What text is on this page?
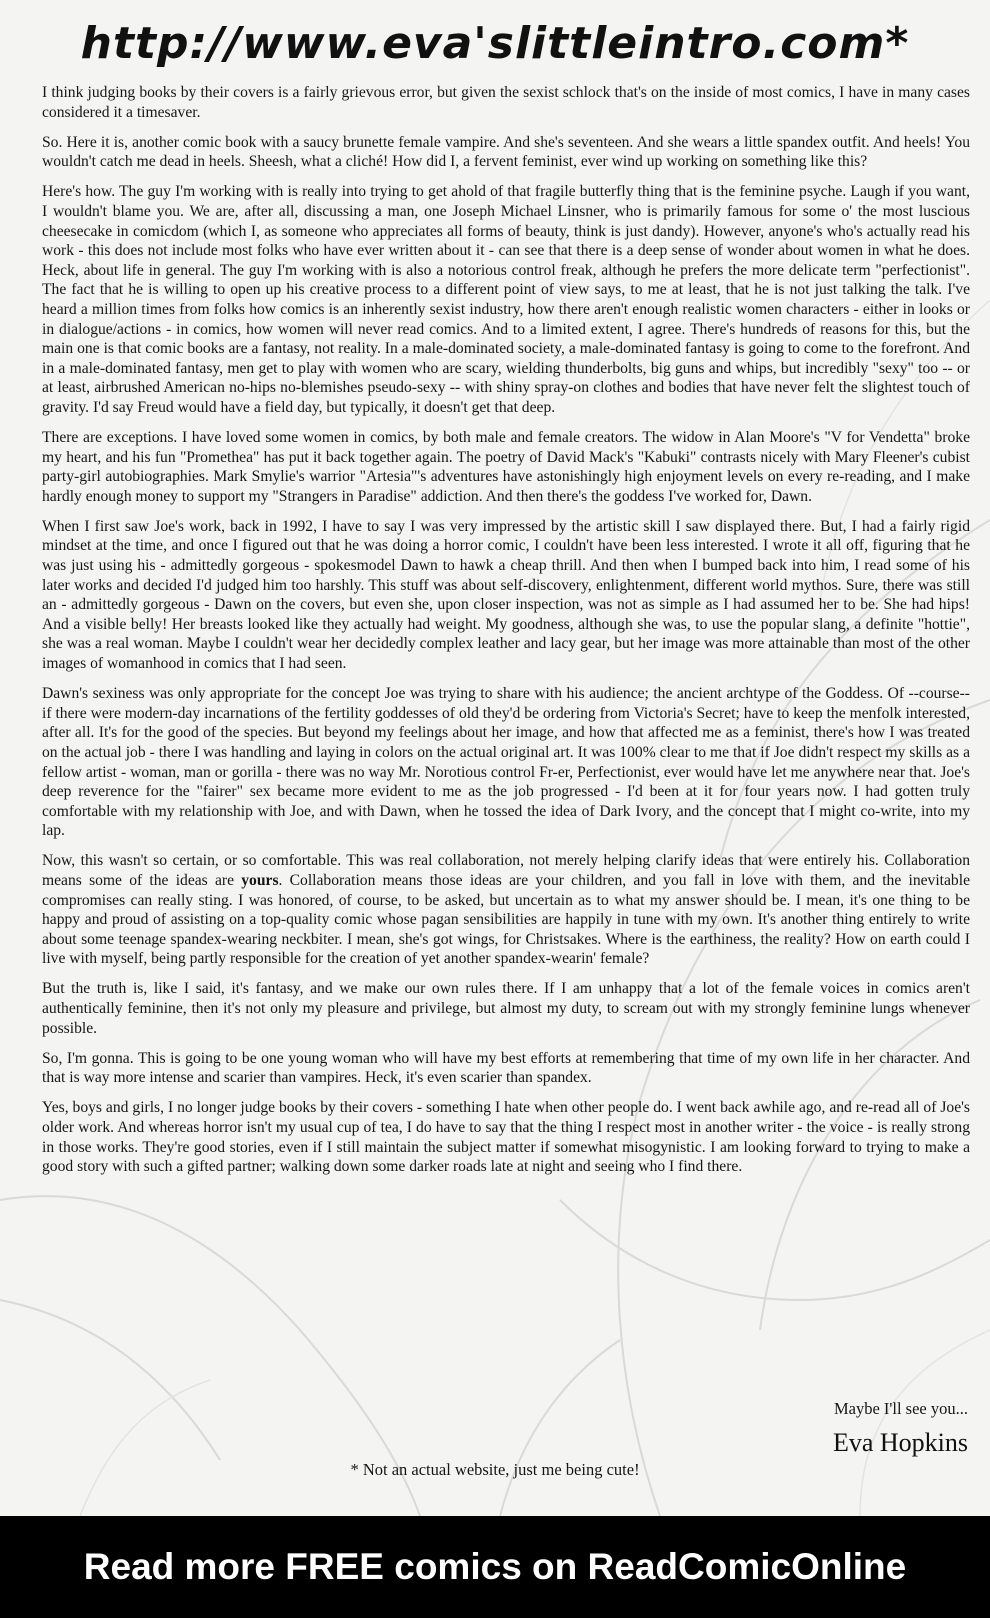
http://www.eva'slittleintro.com*

I think judging books by their covers is a fairly grievous error, but given the sexist schlock that's on the inside of most comics, I have in many cases considered it a timesaver.

So. Here it is, another comic book with a saucy brunette female vampire. And she's seventeen. And she wears a little spandex outfit. And heels! You wouldn't catch me dead in heels. Sheesh, what a cliché! How did I, a fervent feminist, ever wind up working on something like this?

Here's how. The guy I'm working with is really into trying to get ahold of that fragile butterfly thing that is the feminine psyche. Laugh if you want, I wouldn't blame you. We are, after all, discussing a man, one Joseph Michael Linsner, who is primarily famous for some o' the most luscious cheesecake in comicdom (which I, as someone who appreciates all forms of beauty, think is just dandy). However, anyone's who's actually read his work - this does not include most folks who have ever written about it - can see that there is a deep sense of wonder about women in what he does. Heck, about life in general. The guy I'm working with is also a notorious control freak, although he prefers the more delicate term "perfectionist". The fact that he is willing to open up his creative process to a different point of view says, to me at least, that he is not just talking the talk. I've heard a million times from folks how comics is an inherently sexist industry, how there aren't enough realistic women characters - either in looks or in dialogue/actions - in comics, how women will never read comics. And to a limited extent, I agree. There's hundreds of reasons for this, but the main one is that comic books are a fantasy, not reality. In a male-dominated society, a male-dominated fantasy is going to come to the forefront. And in a male-dominated fantasy, men get to play with women who are scary, wielding thunderbolts, big guns and whips, but incredibly "sexy" too -- or at least, airbrushed American no-hips no-blemishes pseudo-sexy -- with shiny spray-on clothes and bodies that have never felt the slightest touch of gravity. I'd say Freud would have a field day, but typically, it doesn't get that deep.

There are exceptions. I have loved some women in comics, by both male and female creators. The widow in Alan Moore's "V for Vendetta" broke my heart, and his fun "Promethea" has put it back together again. The poetry of David Mack's "Kabuki" contrasts nicely with Mary Fleener's cubist party-girl autobiographies. Mark Smylie's warrior "Artesia"'s adventures have astonishingly high enjoyment levels on every re-reading, and I make hardly enough money to support my "Strangers in Paradise" addiction. And then there's the goddess I've worked for, Dawn.

When I first saw Joe's work, back in 1992, I have to say I was very impressed by the artistic skill I saw displayed there. But, I had a fairly rigid mindset at the time, and once I figured out that he was doing a horror comic, I couldn't have been less interested. I wrote it all off, figuring that he was just using his - admittedly gorgeous - spokesmodel Dawn to hawk a cheap thrill. And then when I bumped back into him, I read some of his later works and decided I'd judged him too harshly. This stuff was about self-discovery, enlightenment, different world mythos. Sure, there was still an - admittedly gorgeous - Dawn on the covers, but even she, upon closer inspection, was not as simple as I had assumed her to be. She had hips! And a visible belly! Her breasts looked like they actually had weight. My goodness, although she was, to use the popular slang, a definite "hottie", she was a real woman. Maybe I couldn't wear her decidedly complex leather and lacy gear, but her image was more attainable than most of the other images of womanhood in comics that I had seen.

Dawn's sexiness was only appropriate for the concept Joe was trying to share with his audience; the ancient archtype of the Goddess. Of --course-- if there were modern-day incarnations of the fertility goddesses of old they'd be ordering from Victoria's Secret; have to keep the menfolk interested, after all. It's for the good of the species. But beyond my feelings about her image, and how that affected me as a feminist, there's how I was treated on the actual job - there I was handling and laying in colors on the actual original art. It was 100% clear to me that if Joe didn't respect my skills as a fellow artist - woman, man or gorilla - there was no way Mr. Norotious control Fr-er, Perfectionist, ever would have let me anywhere near that. Joe's deep reverence for the "fairer" sex became more evident to me as the job progressed - I'd been at it for four years now. I had gotten truly comfortable with my relationship with Joe, and with Dawn, when he tossed the idea of Dark Ivory, and the concept that I might co-write, into my lap.

Now, this wasn't so certain, or so comfortable. This was real collaboration, not merely helping clarify ideas that were entirely his. Collaboration means some of the ideas are yours. Collaboration means those ideas are your children, and you fall in love with them, and the inevitable compromises can really sting. I was honored, of course, to be asked, but uncertain as to what my answer should be. I mean, it's one thing to be happy and proud of assisting on a top-quality comic whose pagan sensibilities are happily in tune with my own. It's another thing entirely to write about some teenage spandex-wearing neckbiter. I mean, she's got wings, for Christsakes. Where is the earthiness, the reality? How on earth could I live with myself, being partly responsible for the creation of yet another spandex-wearin' female?

But the truth is, like I said, it's fantasy, and we make our own rules there. If I am unhappy that a lot of the female voices in comics aren't authentically feminine, then it's not only my pleasure and privilege, but almost my duty, to scream out with my strongly feminine lungs whenever possible.

So, I'm gonna. This is going to be one young woman who will have my best efforts at remembering that time of my own life in her character. And that is way more intense and scarier than vampires. Heck, it's even scarier than spandex.

Yes, boys and girls, I no longer judge books by their covers - something I hate when other people do. I went back awhile ago, and re-read all of Joe's older work. And whereas horror isn't my usual cup of tea, I do have to say that the thing I respect most in another writer - the voice - is really strong in those works. They're good stories, even if I still maintain the subject matter if somewhat misogynistic. I am looking forward to trying to make a good story with such a gifted partner; walking down some darker roads late at night and seeing who I find there.

Maybe I'll see you...
Eva Hopkins
* Not an actual website, just me being cute!
Read more FREE comics on ReadComicOnline
